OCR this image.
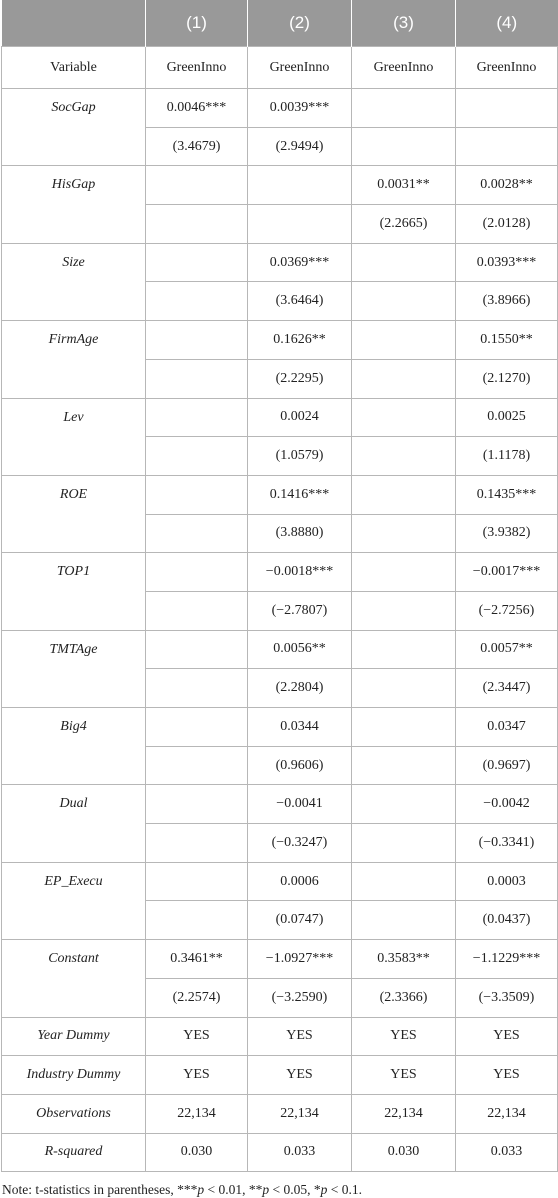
	(1)	(2)	(3)	(4)
Variable	GreenInno	GreenInno	GreenInno	GreenInno
SocGap	0.0046***	0.0039***		
	(3.4679)	(2.9494)		
HisGap			0.0031**	0.0028**
			(2.2665)	(2.0128)
Size		0.0369***		0.0393***
		(3.6464)		(3.8966)
FirmAge		0.1626**		0.1550**
		(2.2295)		(2.1270)
Lev		0.0024		0.0025
		(1.0579)		(1.1178)
ROE		0.1416***		0.1435***
		(3.8880)		(3.9382)
TOP1		−0.0018***		−0.0017***
		(−2.7807)		(−2.7256)
TMTAge		0.0056**		0.0057**
		(2.2804)		(2.3447)
Big4		0.0344		0.0347
		(0.9606)		(0.9697)
Dual		−0.0041		−0.0042
		(−0.3247)		(−0.3341)
EP_Execu		0.0006		0.0003
		(0.0747)		(0.0437)
Constant	0.3461**	−1.0927***	0.3583**	−1.1229***
	(2.2574)	(−3.2590)	(2.3366)	(−3.3509)
Year Dummy	YES	YES	YES	YES
Industry Dummy	YES	YES	YES	YES
Observations	22,134	22,134	22,134	22,134
R-squared	0.030	0.033	0.030	0.033
Note: t-statistics in parentheses, ***p < 0.01, **p < 0.05, *p < 0.1.
